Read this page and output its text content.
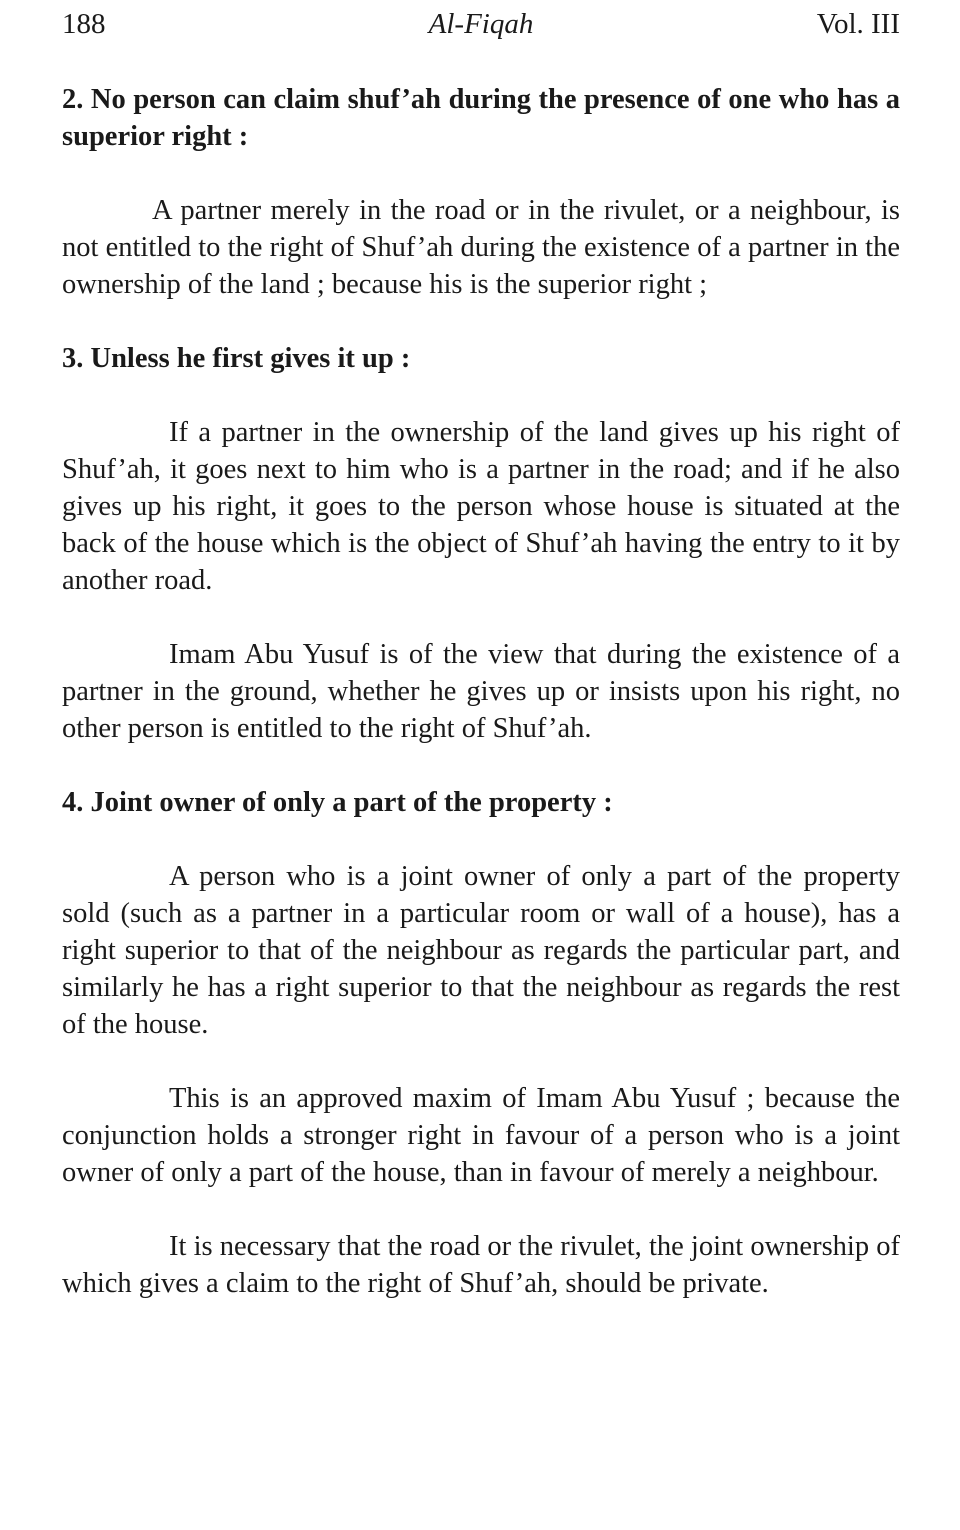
188	Al-Fiqah	Vol. III

2. No person can claim shuf’ah during the presence of one who has a superior right :

A partner merely in the road or in the rivulet, or a neighbour, is not entitled to the right of Shuf’ah during the existence of a partner in the ownership of the land ; because his is the superior right ;

3. Unless he first gives it up :

If a partner in the ownership of the land gives up his right of Shuf’ah, it goes next to him who is a partner in the road; and if he also gives up his right, it goes to the person whose house is situated at the back of the house which is the object of Shuf’ah having the entry to it by another road.

Imam Abu Yusuf is of the view that during the existence of a partner in the ground, whether he gives up or insists upon his right, no other person is entitled to the right of Shuf’ah.

4. Joint owner of only a part of the property :

A person who is a joint owner of only a part of the property sold (such as a partner in a particular room or wall of a house), has a right superior to that of the neighbour as regards the particular part, and similarly he has a right superior to that the neighbour as regards the rest of the house.

This is an approved maxim of Imam Abu Yusuf ; because the conjunction holds a stronger right in favour of a person who is a joint owner of only a part of the house, than in favour of merely a neighbour.

It is necessary that the road or the rivulet, the joint ownership of which gives a claim to the right of Shuf’ah, should be private.
